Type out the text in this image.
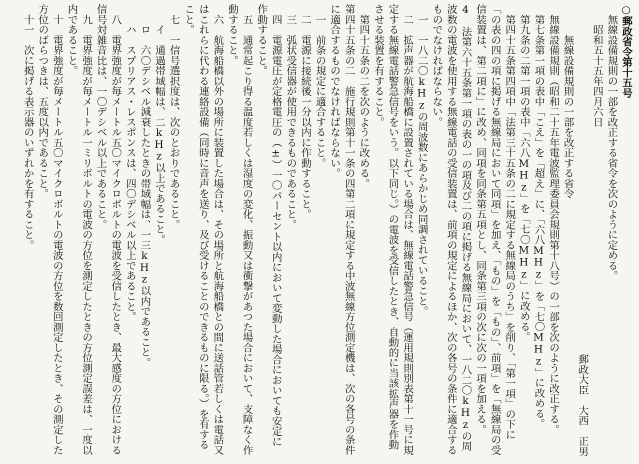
○郵政省令第十五号

　無線設備規則の一部を改正する省令を次のように定める。

　　昭和五十五年四月六日

郵政大臣　大西　正男

　　　無線設備規則の一部を改正する省令

　無線設備規則（昭和二十五年電波監理委員会規則第十八号）の一部を次のように改正する。

　第七条第一項の表中「こえ」を「超え」に、「六八MHz」を「七〇MHz」に改める。

　第九条の二第一項の表中「六八MHz」を「七〇MHz」に改める。

　第四十五条第四項中「法第三十五条の二に規定する無線局のうち」を削り、「第一項」の下に「の表の四の項に掲げる無線局において同項」を加え、「もの」を「もの」、前項」を「無線局の受信装置は、第二項に」に改め、同項を同条第五項とし、同条第三項の次に次の一項を加える。

4　法第六十五条第一項の表の一の項及び二の項に掲げる無線局において、一八二〇kHzの周波数の電波を使用する無線電話の受信装置は、前項の規定によるほか、次の各号の条件に適合するものでなければならない。

　一　一八二〇kHzの周波数にあらかじめ同調されていること。

　二　拡声器が航海船橋に設置されている場合は、無線電話警急信号（運用規則別表第十一号に規定する無線電話警急信号をいう。以下同じ。）の電波を受信したとき、自動的に当該拡声器を作動させる装置を有すること。

　第四十五条の二を次のように改める。

第四十五条の二　施行規則第十一条の四第二項に規定する中波無線方位測定機は、次の各号の条件に適合するものでなければならない。

　一　前条の規定に適合すること。

　二　電源に接続後一分以内に作動すること。

　三　弧状受信器が使用できるものであること。

　四　電源電圧が定格電圧の（±）一〇パーセント以内において変動した場合においても安定に作動すること。

　五　通常起こり得る温度若しくは湿度の変化、振動又は衝撃があつた場合において、支障なく作動すること。

　六　航海船橋以外の場所に装置した場合は、その場所と航海船橋との間に送話管若しくは電話又はこれらに代わる連絡設備（同時に音声を送り、及び受けることのできるものに限る。）を有すること。

　七　一信号選択度は、次のとおりであること。

　　イ　通過帯域幅は、二kHz以上であること。

　　ロ　六〇デシベル減衰したときの帯域幅は、一三kHz以内であること。

　　ハ　スプリアス・レスポンスは、四〇デシベル以上であること。

　八　電界強度が毎メートル五〇マイクロボルトの電波を受信したとき、最大感度の方位における信号対雑音比は、一〇デシベル以上であること。

　九　電界強度が毎メートル一ミリボルトの電波の方位を測定したときの方位測定誤差は、一度以内であること。

　十　電界強度が毎メートル五〇マイクロボルトの電波の方位を数回測定したとき、その測定した方位のばらつきは、五度以内であること。

　十一　次に掲げる表示器のいずれかを有すること。
